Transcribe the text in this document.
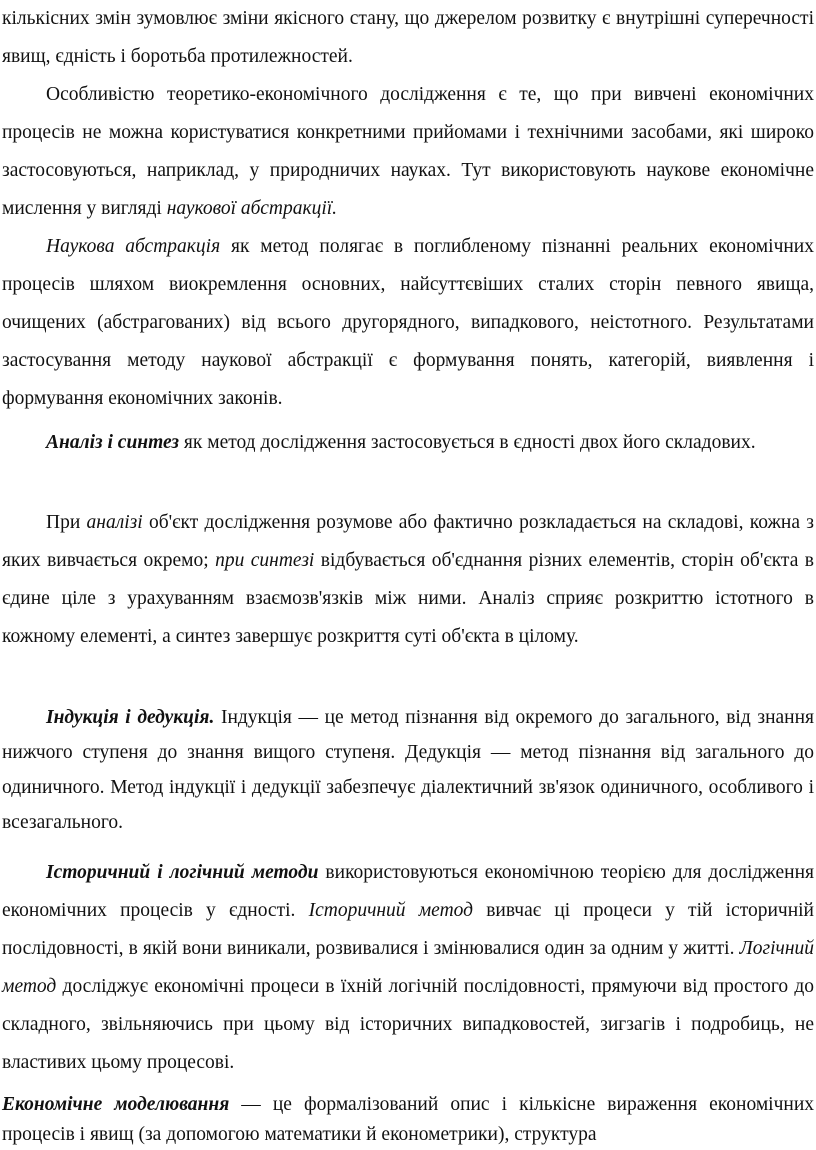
кількісних змін зумовлює зміни якісного стану, що джерелом розвитку є внутрішні суперечності явищ, єдність і боротьба протилежностей.

Особливістю теоретико-економічного дослідження є те, що при вивчені економічних процесів не можна користуватися конкретними прийомами і технічними засобами, які широко застосовуються, наприклад, у природничих науках. Тут використовують наукове економічне мислення у вигляді наукової абстракції.

Наукова абстракція як метод полягає в поглибленому пізнанні реальних економічних процесів шляхом виокремлення основних, найсуттєвіших сталих сторін певного явища, очищених (абстрагованих) від всього другорядного, випадкового, неістотного. Результатами застосування методу наукової абстракції є формування понять, категорій, виявлення і формування економічних законів.

Аналіз і синтез як метод дослідження застосовується в єдності двох його складових.

При аналізі об'єкт дослідження розумове або фактично розкладається на складові, кожна з яких вивчається окремо; при синтезі відбувається об'єднання різних елементів, сторін об'єкта в єдине ціле з урахуванням взаємозв'язків між ними. Аналіз сприяє розкриттю істотного в кожному елементі, а синтез завершує розкриття суті об'єкта в цілому.

Індукція і дедукція. Індукція — це метод пізнання від окремого до загального, від знання нижчого ступеня до знання вищого ступеня. Дедукція — метод пізнання від загального до одиничного. Метод індукції і дедукції забезпечує діалектичний зв'язок одиничного, особливого і всезагального.

Історичний і логічний методи використовуються економічною теорією для дослідження економічних процесів у єдності. Історичний метод вивчає ці процеси у тій історичній послідовності, в якій вони виникали, розвивалися і змінювалися один за одним у житті. Логічний метод досліджує економічні процеси в їхній логічній послідовності, прямуючи від простого до складного, звільняючись при цьому від історичних випадковостей, зигзагів і подробиць, не властивих цьому процесові.

Економічне моделювання — це формалізований опис і кількісне вираження економічних процесів і явищ (за допомогою математики й економетрики), структура
